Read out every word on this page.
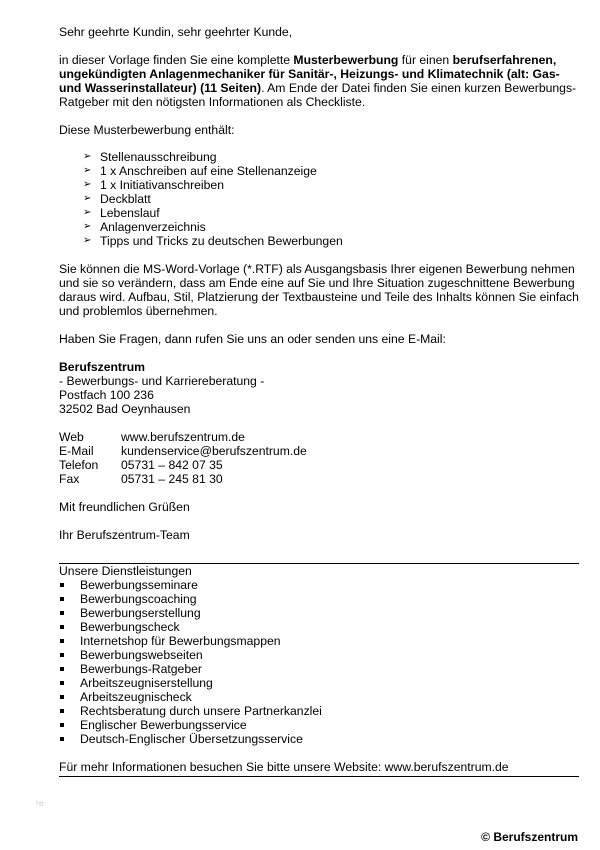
Sehr geehrte Kundin, sehr geehrter Kunde,

in dieser Vorlage finden Sie eine komplette Musterbewerbung für einen berufserfahrenen, ungekündigten Anlagenmechaniker für Sanitär-, Heizungs- und Klimatechnik (alt: Gas- und Wasserinstallateur) (11 Seiten). Am Ende der Datei finden Sie einen kurzen Bewerbungs-Ratgeber mit den nötigsten Informationen als Checkliste.

Diese Musterbewerbung enthält:

➢ Stellenausschreibung
➢ 1 x Anschreiben auf eine Stellenanzeige
➢ 1 x Initiativanschreiben
➢ Deckblatt
➢ Lebenslauf
➢ Anlagenverzeichnis
➢ Tipps und Tricks zu deutschen Bewerbungen

Sie können die MS-Word-Vorlage (*.RTF) als Ausgangsbasis Ihrer eigenen Bewerbung nehmen und sie so verändern, dass am Ende eine auf Sie und Ihre Situation zugeschnittene Bewerbung daraus wird. Aufbau, Stil, Platzierung der Textbausteine und Teile des Inhalts können Sie einfach und problemlos übernehmen.

Haben Sie Fragen, dann rufen Sie uns an oder senden uns eine E-Mail:

Berufszentrum

- Bewerbungs- und Karriereberatung -

Postfach 100 236

32502 Bad Oeynhausen

Web	www.berufszentrum.de
E-Mail	kundenservice@berufszentrum.de
Telefon	05731 – 842 07 35
Fax	05731 – 245 81 30

Mit freundlichen Grüßen

Ihr Berufszentrum-Team

Unsere Dienstleistungen

Bewerbungsseminare
Bewerbungscoaching
Bewerbungserstellung
Bewerbungscheck
Internetshop für Bewerbungsmappen
Bewerbungswebseiten
Bewerbungs-Ratgeber
Arbeitszeugniserstellung
Arbeitszeugnischeck
Rechtsberatung durch unsere Partnerkanzlei
Englischer Bewerbungsservice
Deutsch-Englischer Übersetzungsservice

Für mehr Informationen besuchen Sie bitte unsere Website: www.berufszentrum.de

htt
© Berufszentrum
